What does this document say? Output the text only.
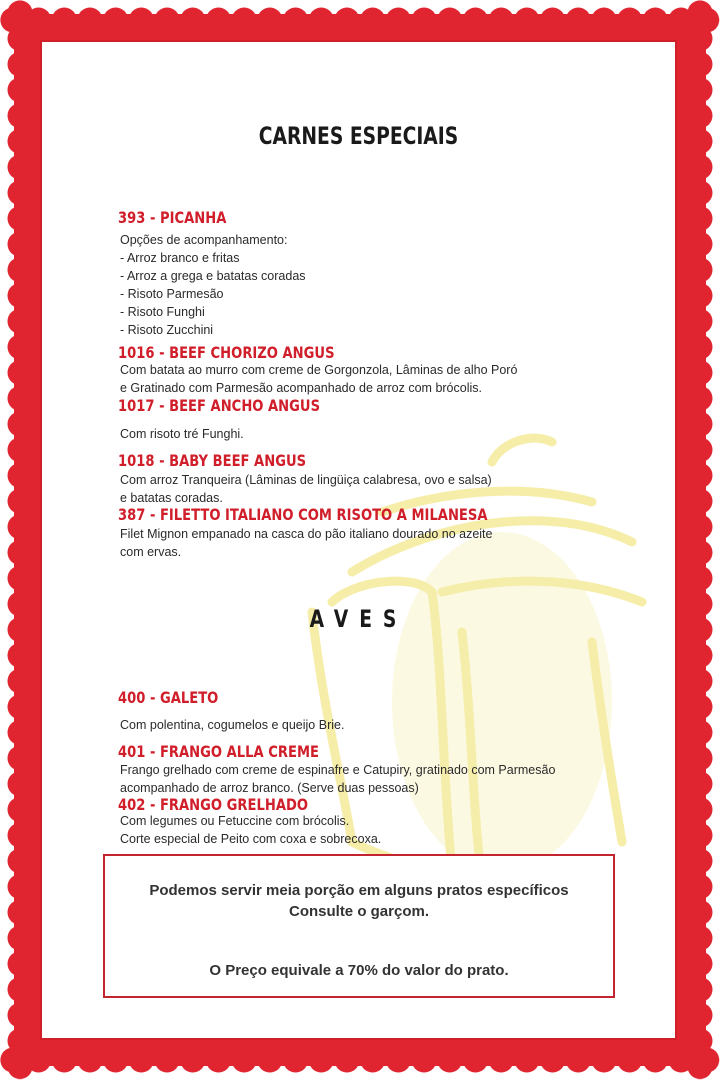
CARNES ESPECIAIS
393 - PICANHA
Opções de acompanhamento:
- Arroz branco e fritas
- Arroz a grega e batatas coradas
- Risoto Parmesão
- Risoto Funghi
- Risoto Zucchini
1016 - BEEF CHORIZO ANGUS
Com batata ao murro com creme de Gorgonzola, Lâminas de alho Poró
e Gratinado com Parmesão acompanhado de arroz com brócolis.
1017 - BEEF ANCHO ANGUS
Com risoto tré Funghi.
1018 - BABY BEEF ANGUS
Com arroz Tranqueira (Lâminas de lingüiça calabresa, ovo e salsa)
e batatas coradas.
387 - FILETTO ITALIANO COM RISOTO A MILANESA
Filet Mignon empanado na casca do pão italiano dourado no azeite
com ervas.
AVES
400 - GALETO
Com polentina, cogumelos e queijo Brie.
401 - FRANGO ALLA CREME
Frango grelhado com creme de espinafre e Catupiry, gratinado com Parmesão
acompanhado de arroz branco. (Serve duas pessoas)
402 - FRANGO GRELHADO
Com legumes ou Fetuccine com brócolis.
Corte especial de Peito com coxa e sobrecoxa.
Podemos servir meia porção em alguns pratos específicos
Consulte o garçom.
O Preço equivale a 70% do valor do prato.
